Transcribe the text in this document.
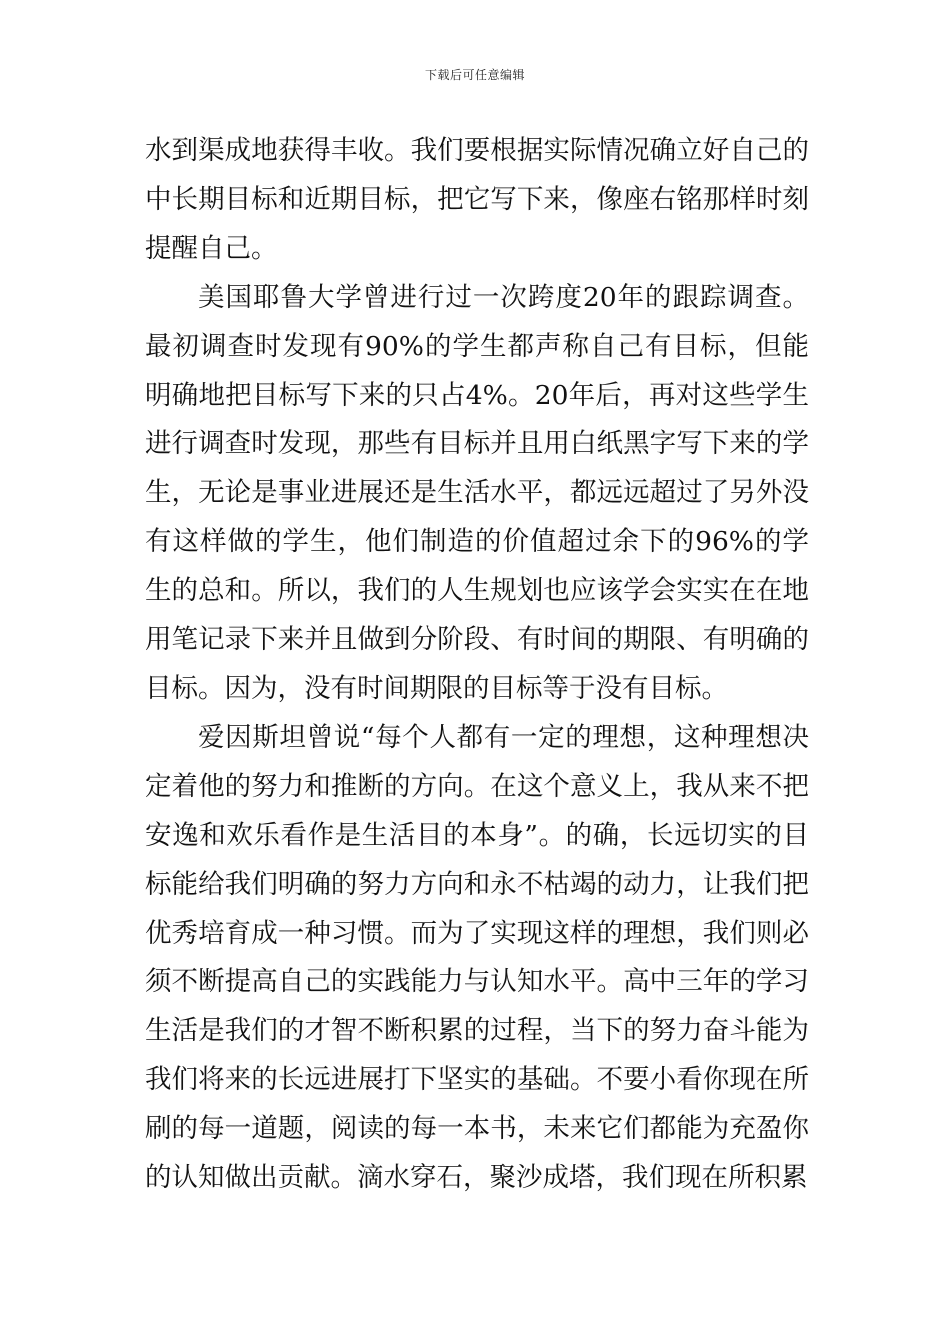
下载后可任意编辑

水到渠成地获得丰收。我们要根据实际情况确立好自己的中长期目标和近期目标，把它写下来，像座右铭那样时刻提醒自己。

美国耶鲁大学曾进行过一次跨度20年的跟踪调查。最初调查时发现有90%的学生都声称自己有目标，但能明确地把目标写下来的只占4%。20年后，再对这些学生进行调查时发现，那些有目标并且用白纸黑字写下来的学生，无论是事业进展还是生活水平，都远远超过了另外没有这样做的学生，他们制造的价值超过余下的96%的学生的总和。所以，我们的人生规划也应该学会实实在在地用笔记录下来并且做到分阶段、有时间的期限、有明确的目标。因为，没有时间期限的目标等于没有目标。

爱因斯坦曾说“每个人都有一定的理想，这种理想决定着他的努力和推断的方向。在这个意义上，我从来不把安逸和欢乐看作是生活目的本身”。的确，长远切实的目标能给我们明确的努力方向和永不枯竭的动力，让我们把优秀培育成一种习惯。而为了实现这样的理想，我们则必须不断提高自己的实践能力与认知水平。高中三年的学习生活是我们的才智不断积累的过程，当下的努力奋斗能为我们将来的长远进展打下坚实的基础。不要小看你现在所刷的每一道题，阅读的每一本书，未来它们都能为充盈你的认知做出贡献。滴水穿石，聚沙成塔，我们现在所积累
